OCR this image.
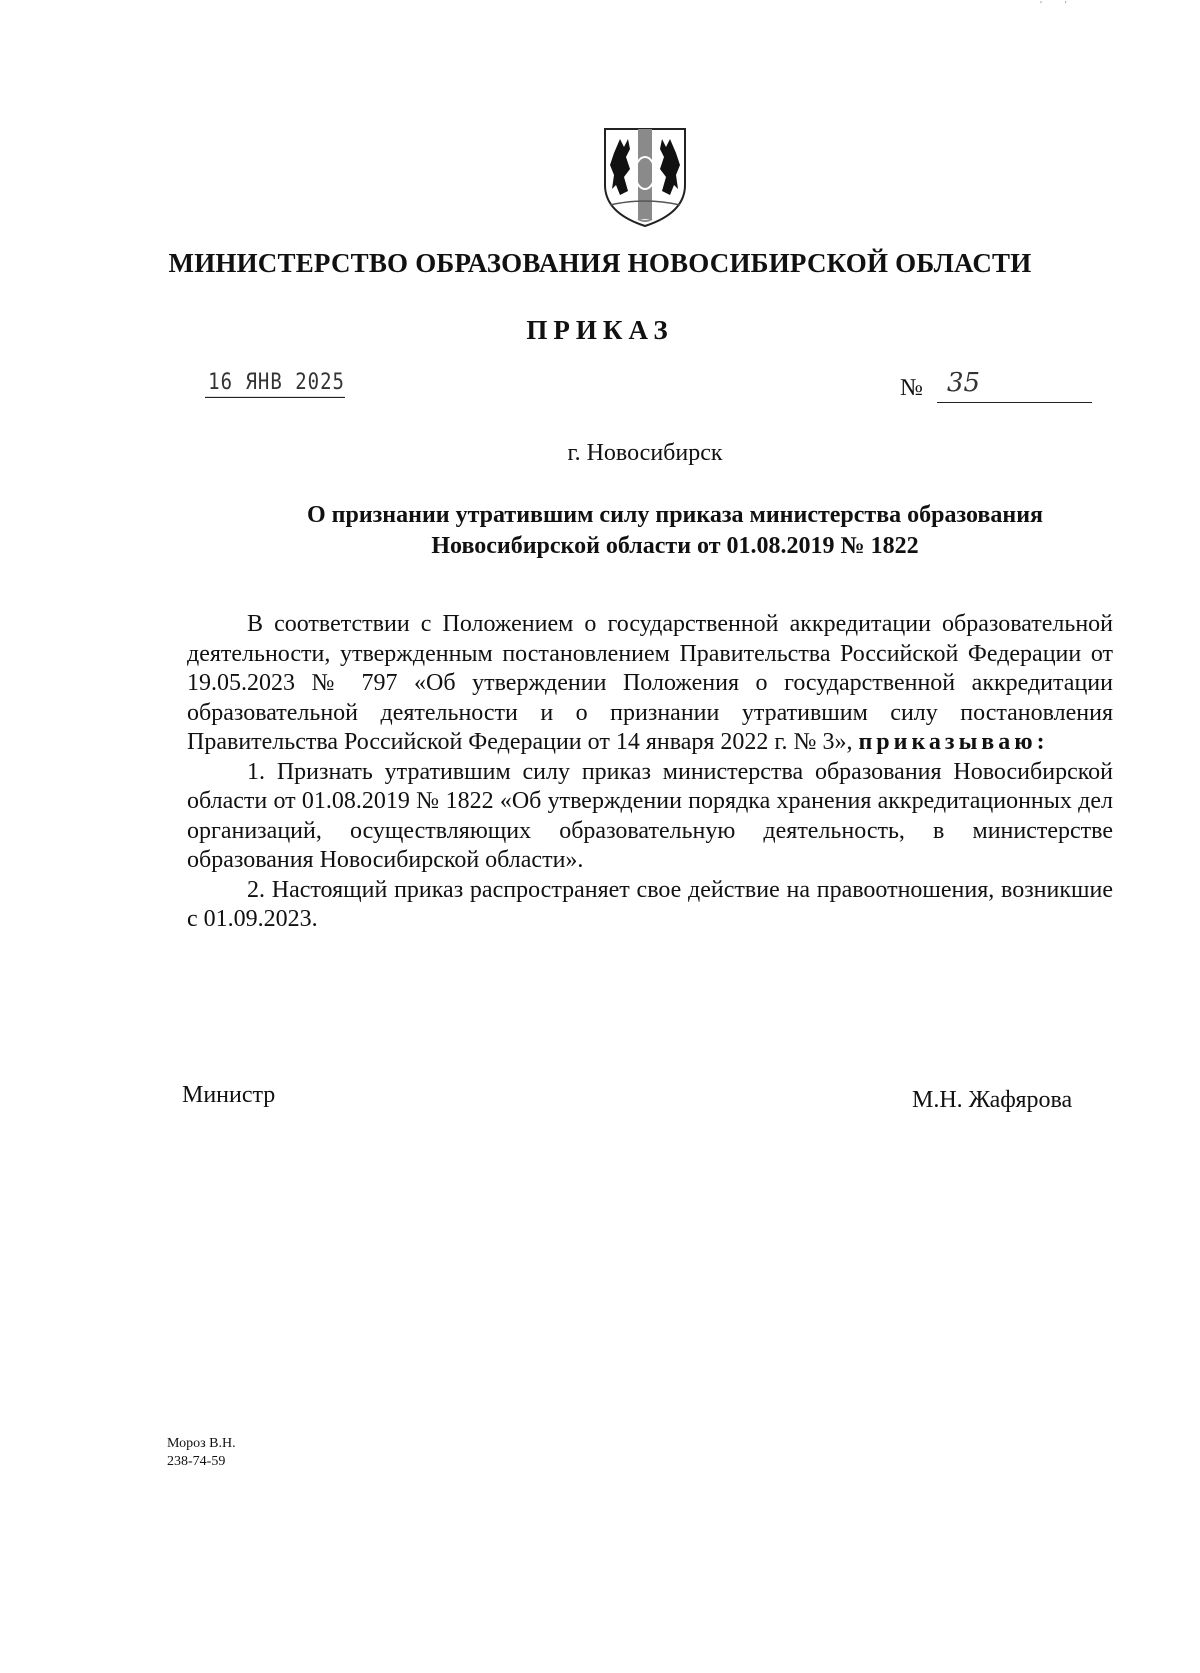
' '
МИНИСТЕРСТВО ОБРАЗОВАНИЯ НОВОСИБИРСКОЙ ОБЛАСТИ
ПРИКАЗ
16 ЯНВ 2025	№ 35
г. Новосибирск
О признании утратившим силу приказа министерства образования Новосибирской области от 01.08.2019 № 1822

В соответствии с Положением о государственной аккредитации образовательной деятельности, утвержденным постановлением Правительства Российской Федерации от 19.05.2023 № 797 «Об утверждении Положения о государственной аккредитации образовательной деятельности и о признании утратившим силу постановления Правительства Российской Федерации от 14 января 2022 г. № 3», приказываю:

1. Признать утратившим силу приказ министерства образования Новосибирской области от 01.08.2019 № 1822 «Об утверждении порядка хранения аккредитационных дел организаций, осуществляющих образовательную деятельность, в министерстве образования Новосибирской области».

2. Настоящий приказ распространяет свое действие на правоотношения, возникшие с 01.09.2023.

Министр	М.Н. Жафярова
Мороз В.Н.
238-74-59
